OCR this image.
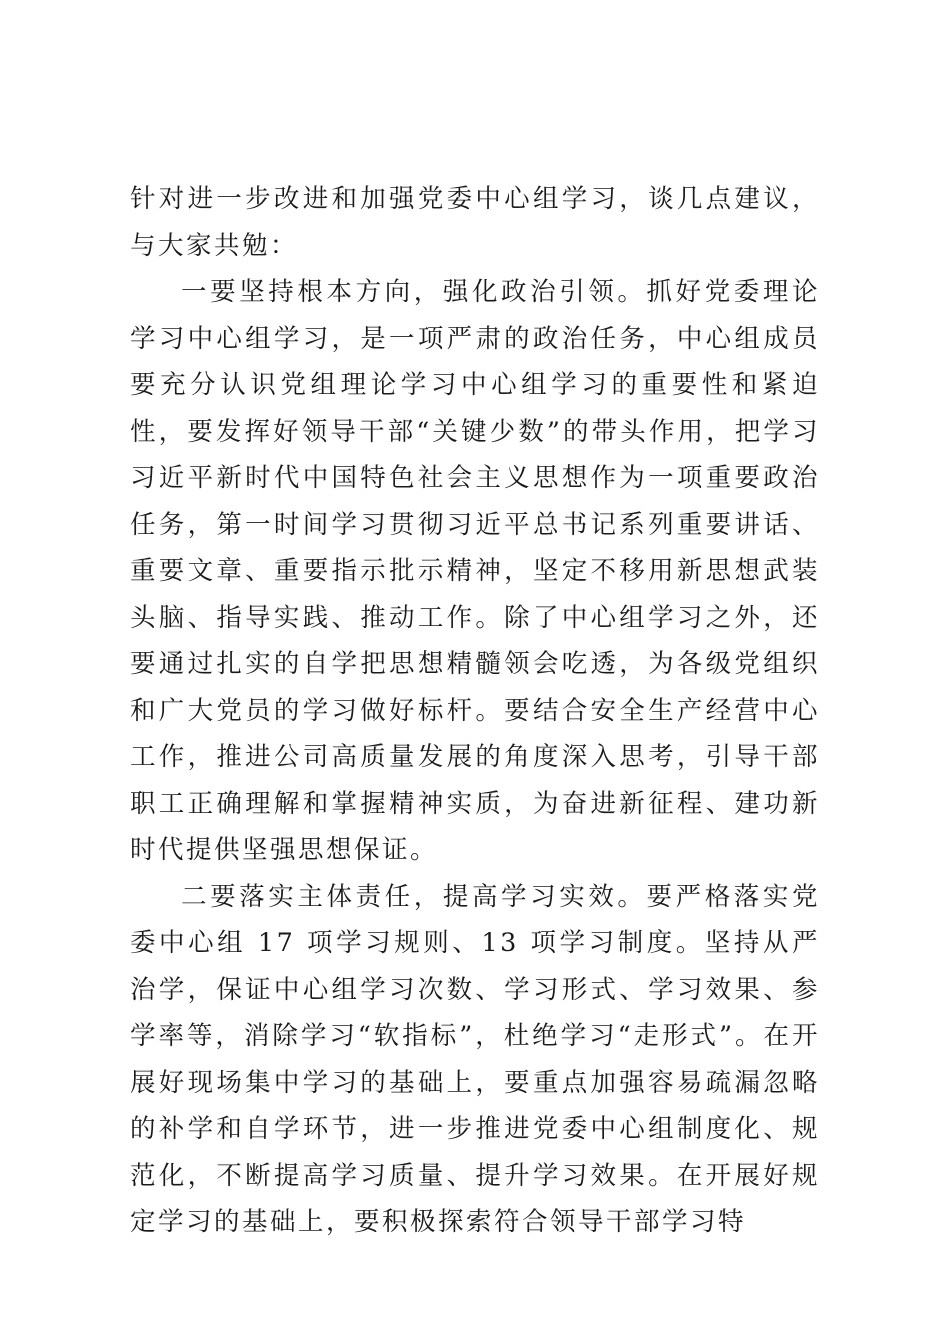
针对进一步改进和加强党委中心组学习，谈几点建议，与大家共勉：

一要坚持根本方向，强化政治引领。抓好党委理论学习中心组学习，是一项严肃的政治任务，中心组成员要充分认识党组理论学习中心组学习的重要性和紧迫性，要发挥好领导干部“关键少数”的带头作用，把学习习近平新时代中国特色社会主义思想作为一项重要政治任务，第一时间学习贯彻习近平总书记系列重要讲话、重要文章、重要指示批示精神，坚定不移用新思想武装头脑、指导实践、推动工作。除了中心组学习之外，还要通过扎实的自学把思想精髓领会吃透，为各级党组织和广大党员的学习做好标杆。要结合安全生产经营中心工作，推进公司高质量发展的角度深入思考，引导干部职工正确理解和掌握精神实质，为奋进新征程、建功新时代提供坚强思想保证。

二要落实主体责任，提高学习实效。要严格落实党委中心组 17 项学习规则、13 项学习制度。坚持从严治学，保证中心组学习次数、学习形式、学习效果、参学率等，消除学习“软指标”，杜绝学习“走形式”。在开展好现场集中学习的基础上，要重点加强容易疏漏忽略的补学和自学环节，进一步推进党委中心组制度化、规范化，不断提高学习质量、提升学习效果。在开展好规定学习的基础上，要积极探索符合领导干部学习特
